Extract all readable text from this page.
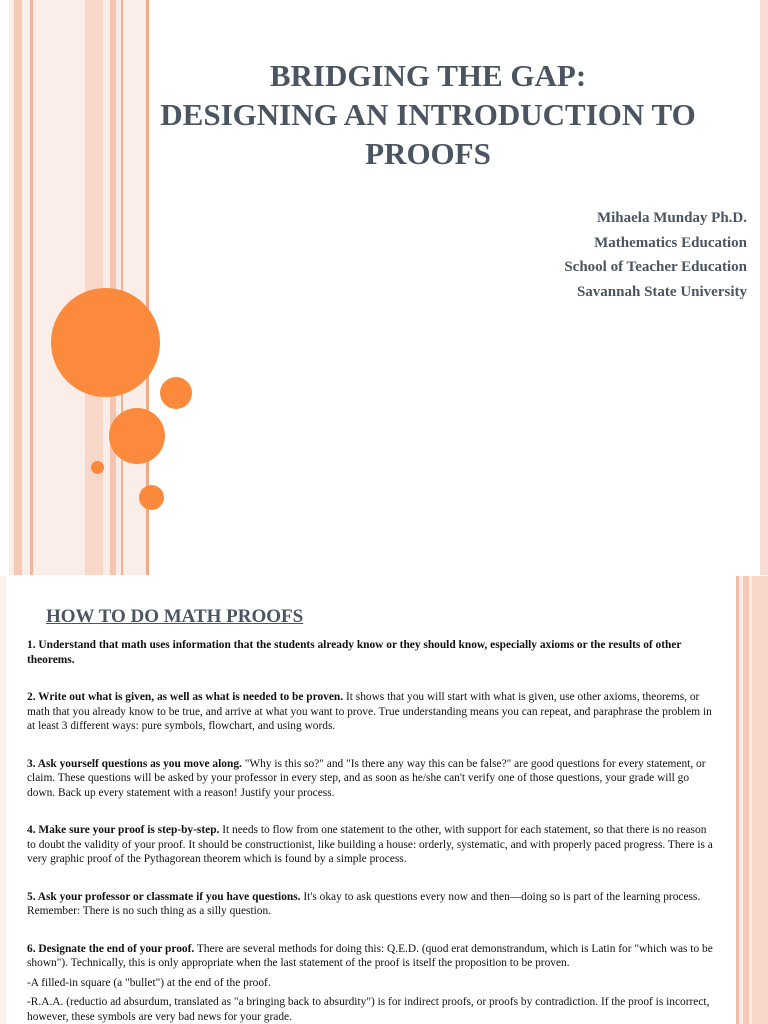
BRIDGING THE GAP:
DESIGNING AN INTRODUCTION TO
PROOFS
Mihaela Munday Ph.D.
Mathematics Education
School of Teacher Education
Savannah State University
HOW TO DO MATH PROOFS

1. Understand that math uses information that the students already know or they should know, especially axioms or the results of other theorems.

2. Write out what is given, as well as what is needed to be proven. It shows that you will start with what is given, use other axioms, theorems, or math that you already know to be true, and arrive at what you want to prove. True understanding means you can repeat, and paraphrase the problem in at least 3 different ways: pure symbols, flowchart, and using words.

3. Ask yourself questions as you move along. "Why is this so?" and "Is there any way this can be false?" are good questions for every statement, or claim. These questions will be asked by your professor in every step, and as soon as he/she can't verify one of those questions, your grade will go down. Back up every statement with a reason! Justify your process.

4. Make sure your proof is step-by-step. It needs to flow from one statement to the other, with support for each statement, so that there is no reason to doubt the validity of your proof. It should be constructionist, like building a house: orderly, systematic, and with properly paced progress. There is a very graphic proof of the Pythagorean theorem which is found by a simple process.

5. Ask your professor or classmate if you have questions. It's okay to ask questions every now and then—doing so is part of the learning process. Remember: There is no such thing as a silly question.

6. Designate the end of your proof. There are several methods for doing this: Q.E.D. (quod erat demonstrandum, which is Latin for "which was to be shown"). Technically, this is only appropriate when the last statement of the proof is itself the proposition to be proven.

-A filled-in square (a "bullet") at the end of the proof.

-R.A.A. (reductio ad absurdum, translated as "a bringing back to absurdity") is for indirect proofs, or proofs by contradiction. If the proof is incorrect, however, these symbols are very bad news for your grade.
